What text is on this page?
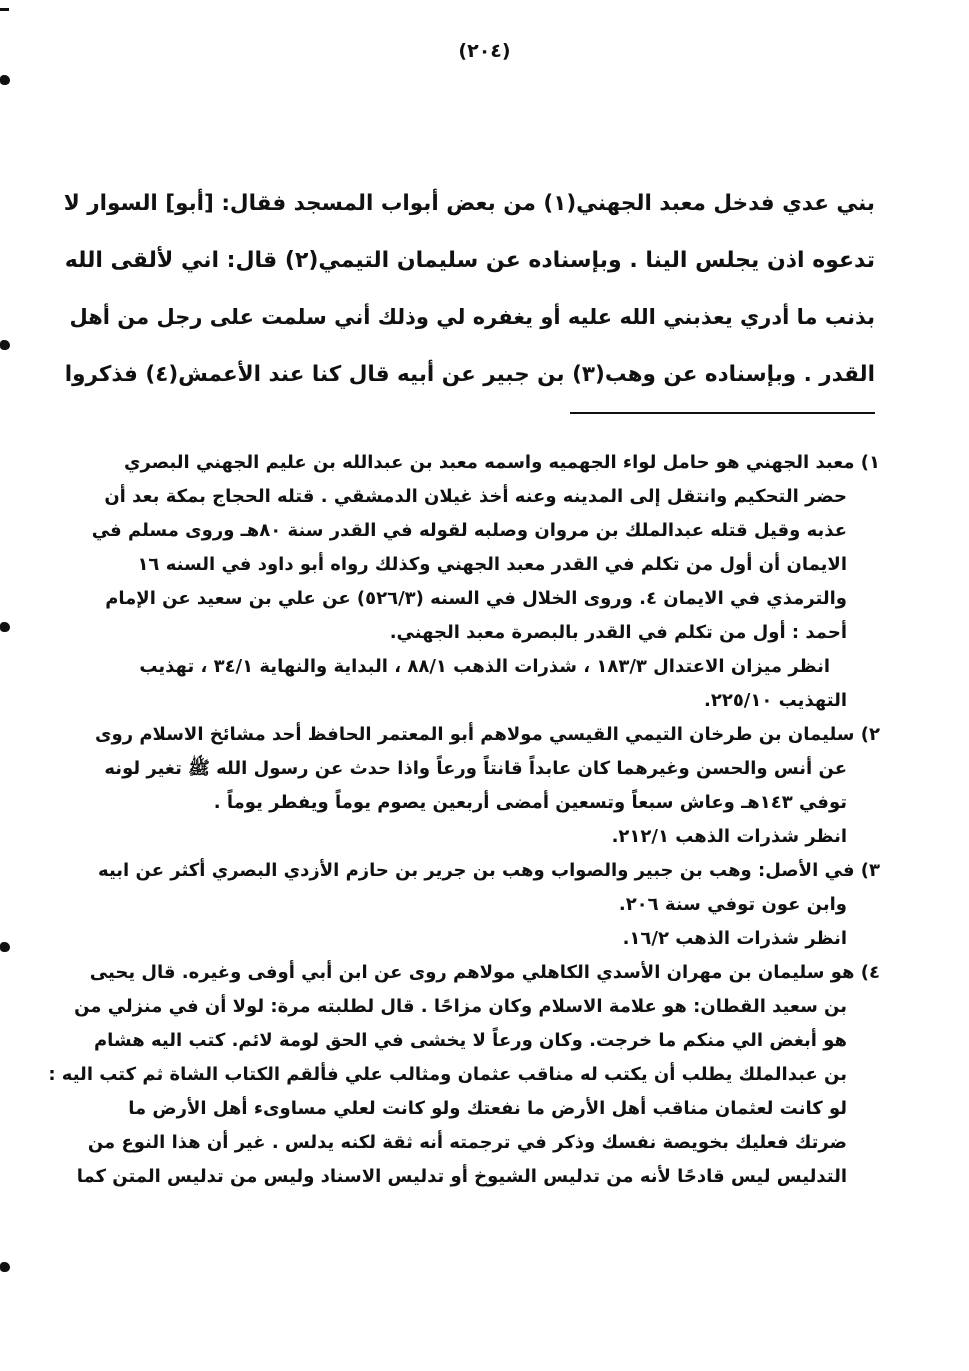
(٢٠٤)
بني عدي فدخل معبد الجهني(١) من بعض أبواب المسجد فقال: [أبو] السوار لا
تدعوه اذن يجلس الينا . وبإسناده عن سليمان التيمي(٢) قال: اني لألقى الله
بذنب ما أدري يعذبني الله عليه أو يغفره لي وذلك أني سلمت على رجل من أهل
القدر . وبإسناده عن وهب(٣) بن جبير عن أبيه قال كنا عند الأعمش(٤) فذكروا
١) معبد الجهني هو حامل لواء الجهميه واسمه معبد بن عبدالله بن عليم الجهني البصري
حضر التحكيم وانتقل إلى المدينه وعنه أخذ غيلان الدمشقي . قتله الحجاج بمكة بعد أن
عذبه وقيل قتله عبدالملك بن مروان وصلبه لقوله في القدر سنة ٨٠هـ وروى مسلم في
الايمان أن أول من تكلم في القدر معبد الجهني وكذلك رواه أبو داود في السنه ١٦
والترمذي في الايمان ٤. وروى الخلال في السنه (٥٢٦/٣) عن علي بن سعيد عن الإمام
أحمد : أول من تكلم في القدر بالبصرة معبد الجهني.
انظر ميزان الاعتدال ١٨٣/٣ ، شذرات الذهب ٨٨/١ ، البداية والنهاية ٣٤/١ ، تهذيب
التهذيب ٢٢٥/١٠.
٢) سليمان بن طرخان التيمي القيسي مولاهم أبو المعتمر الحافظ أحد مشائخ الاسلام روى
عن أنس والحسن وغيرهما كان عابداً قانتاً ورعاً واذا حدث عن رسول الله ﷺ تغير لونه
توفي ١٤٣هـ وعاش سبعاً وتسعين أمضى أربعين يصوم يوماً ويفطر يوماً .
انظر شذرات الذهب ٢١٢/١.
٣) في الأصل: وهب بن جبير والصواب وهب بن جرير بن حازم الأزدي البصري أكثر عن ابيه
وابن عون توفي سنة ٢٠٦.
انظر شذرات الذهب ١٦/٢.
٤) هو سليمان بن مهران الأسدي الكاهلي مولاهم روى عن ابن أبي أوفى وغيره. قال يحيى
بن سعيد القطان: هو علامة الاسلام وكان مزاحًا . قال لطلبته مرة: لولا أن في منزلي من
هو أبغض الي منكم ما خرجت. وكان ورعاً لا يخشى في الحق لومة لائم. كتب اليه هشام
بن عبدالملك يطلب أن يكتب له مناقب عثمان ومثالب علي فألقم الكتاب الشاة ثم كتب اليه :
لو كانت لعثمان مناقب أهل الأرض ما نفعتك ولو كانت لعلي مساوىء أهل الأرض ما
ضرتك فعليك بخويصة نفسك وذكر في ترجمته أنه ثقة لكنه يدلس . غير أن هذا النوع من
التدليس ليس قادحًا لأنه من تدليس الشيوخ أو تدليس الاسناد وليس من تدليس المتن كما
